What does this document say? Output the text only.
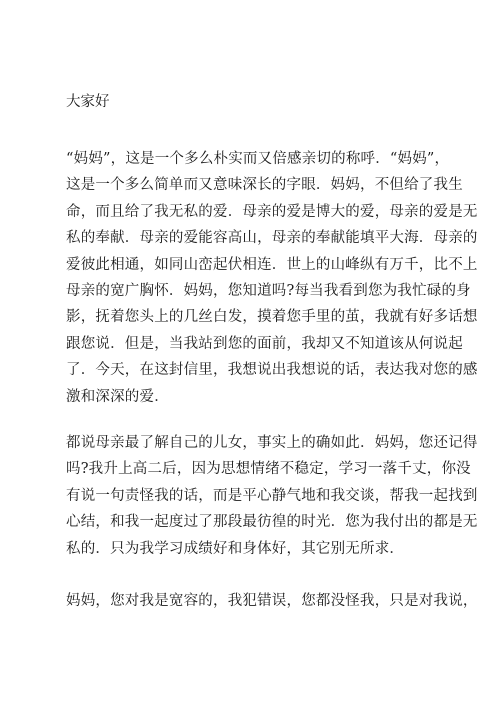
大家好

“妈妈”，这是一个多么朴实而又倍感亲切的称呼．“妈妈”，
这是一个多么简单而又意味深长的字眼．妈妈，不但给了我生
命，而且给了我无私的爱．母亲的爱是博大的爱，母亲的爱是无
私的奉献．母亲的爱能容高山，母亲的奉献能填平大海．母亲的
爱彼此相通，如同山峦起伏相连．世上的山峰纵有万千，比不上
母亲的宽广胸怀．妈妈，您知道吗?每当我看到您为我忙碌的身
影，抚着您头上的几丝白发，摸着您手里的茧，我就有好多话想
跟您说．但是，当我站到您的面前，我却又不知道该从何说起
了．今天，在这封信里，我想说出我想说的话，表达我对您的感
激和深深的爱．

都说母亲最了解自己的儿女，事实上的确如此．妈妈，您还记得
吗?我升上高二后，因为思想情绪不稳定，学习一落千丈，你没
有说一句责怪我的话，而是平心静气地和我交谈，帮我一起找到
心结，和我一起度过了那段最彷徨的时光．您为我付出的都是无
私的．只为我学习成绩好和身体好，其它别无所求．

妈妈，您对我是宽容的，我犯错误，您都没怪我，只是对我说，
